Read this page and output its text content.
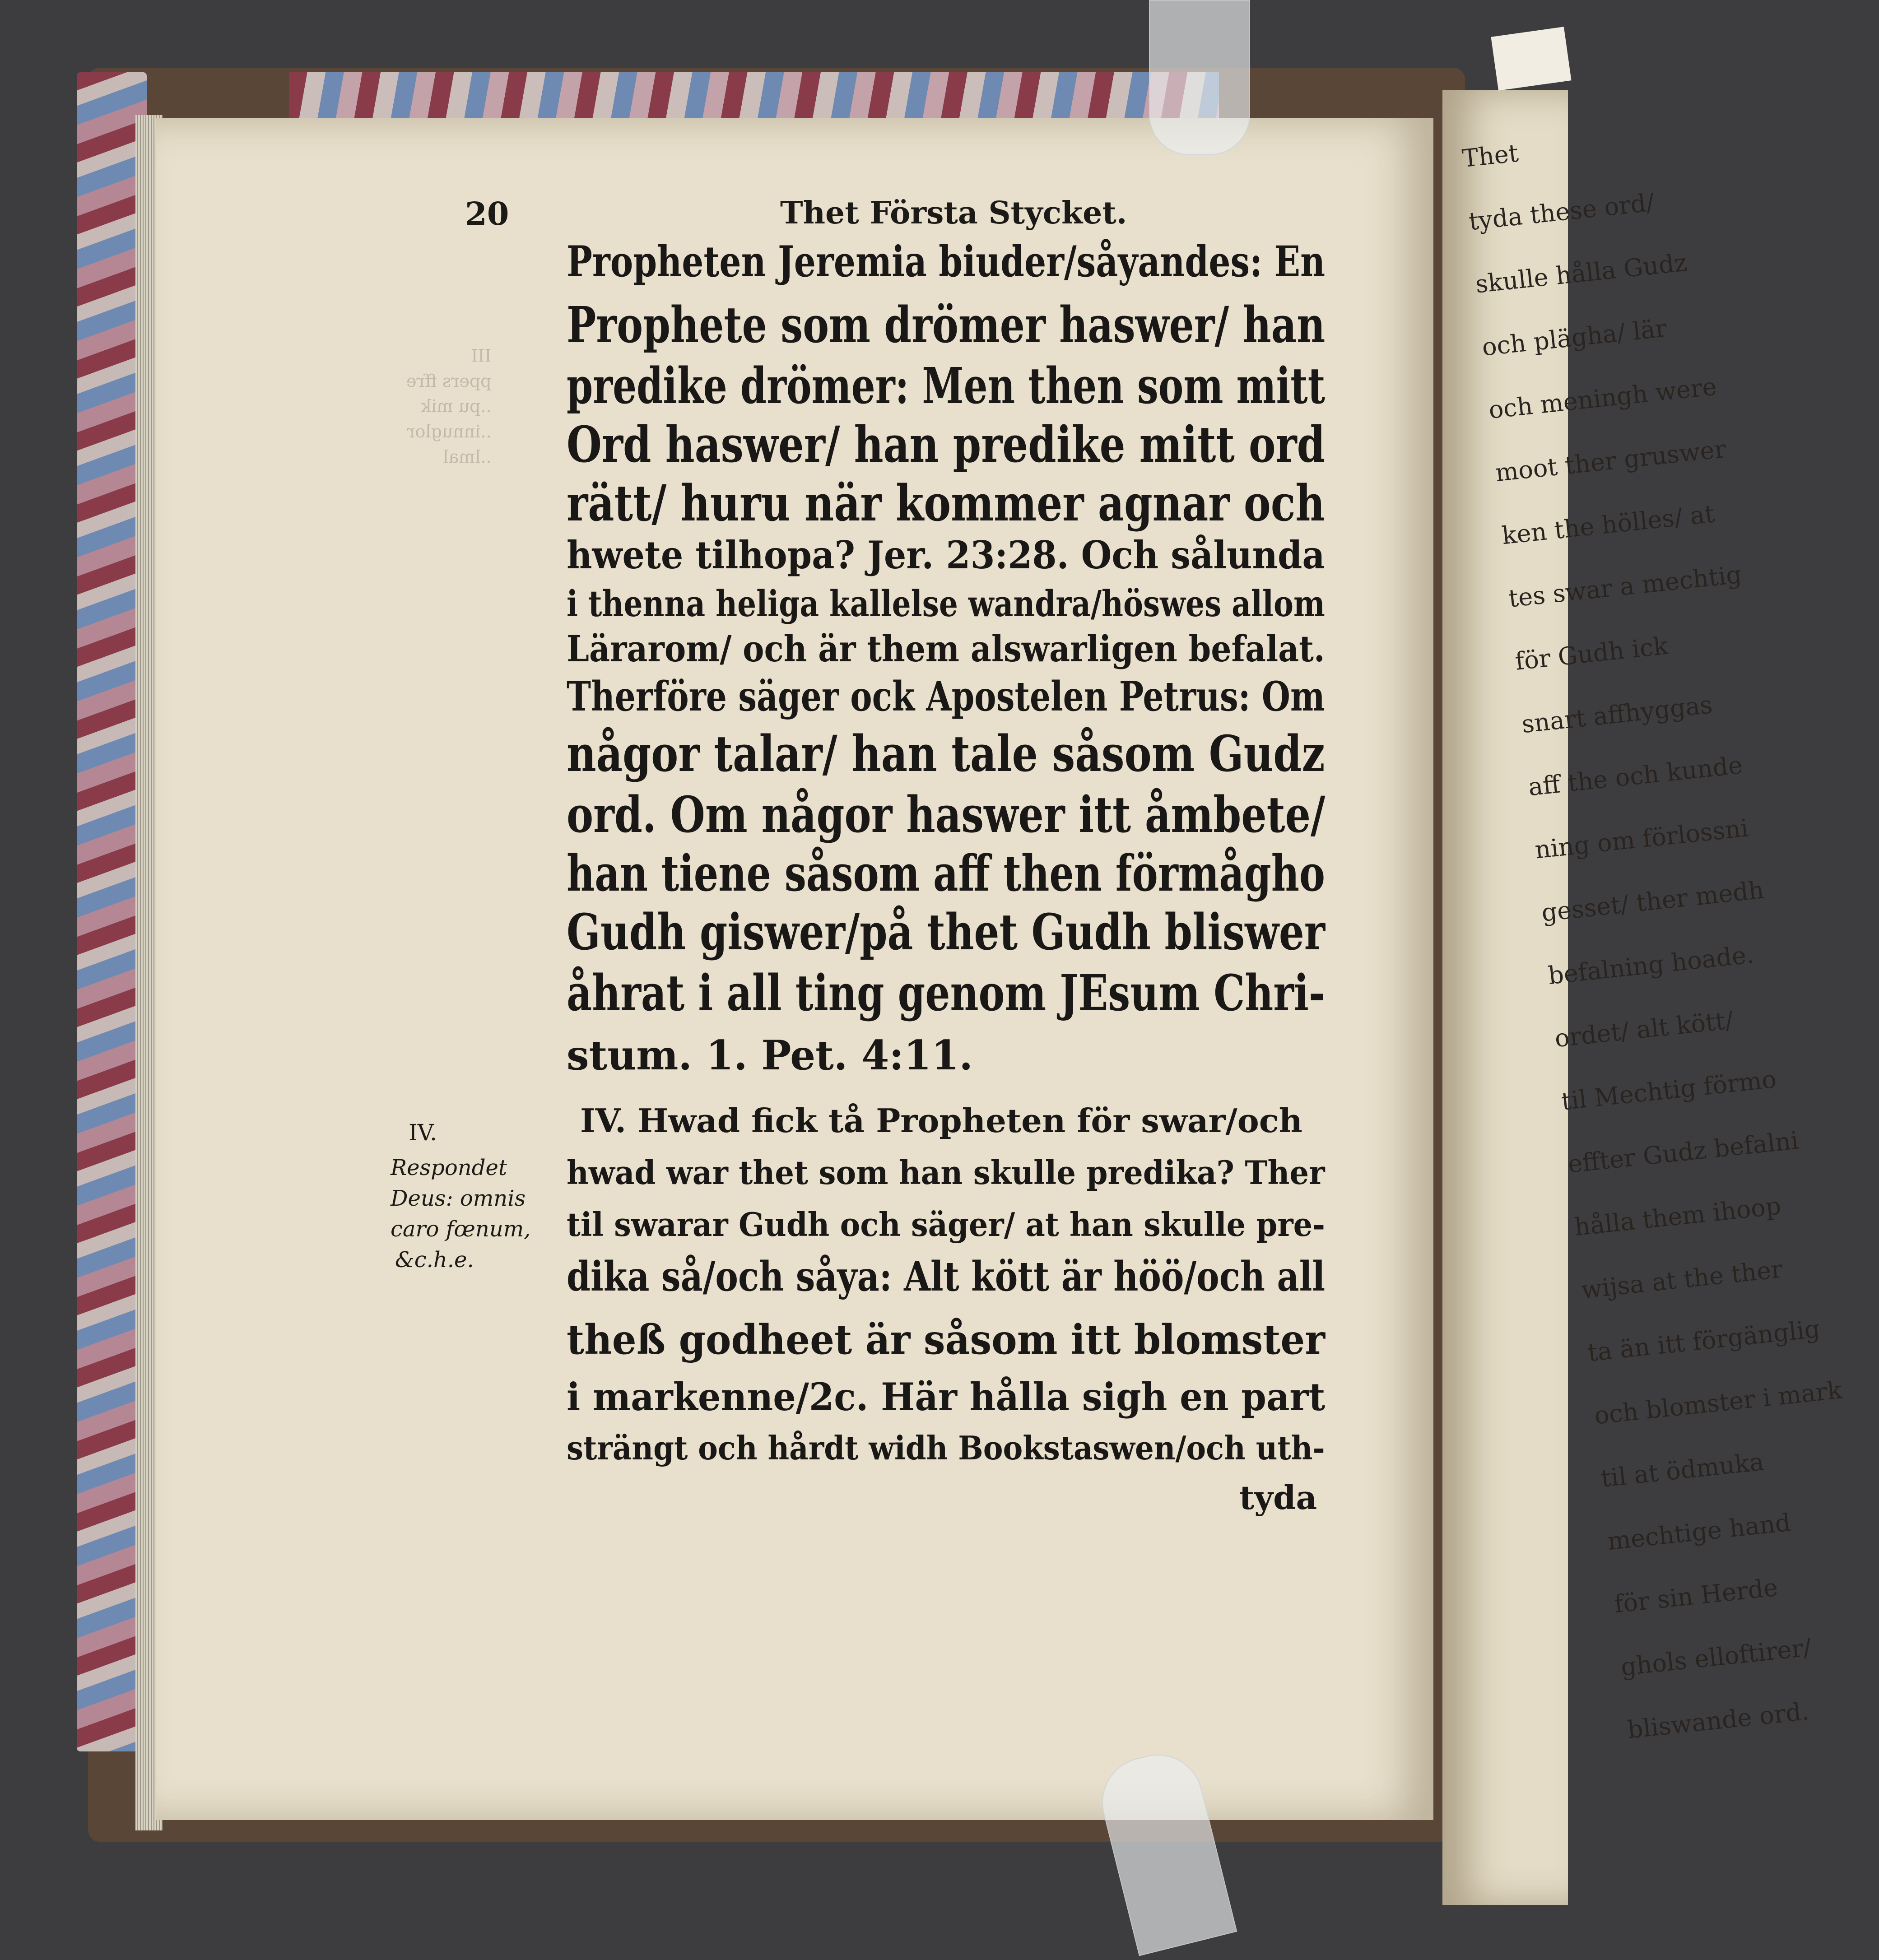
III
ppers ffre
..pu mik
..innuglor
..lmal

Thet
tyda these ord/
skulle hålla Gudz
och plägha/ lär
och meningh were
moot ther gruswer
ken the hölles/ at
tes swar a mechtig
för Gudh ick
snart affhyggas
aff the och kunde
ning om förlossni
gesset/ ther medh
befalning hoade.
ordet/ alt kött/
til Mechtig förmo
effter Gudz befalni
hålla them ihoop
wijsa at the ther
ta än itt förgänglig
och blomster i mark
til at ödmuka
mechtige hand
för sin Herde
ghols elloftirer/
bliswande ord.
20	Thet Första Stycket.
Propheten Jeremia biuder/såyandes: En
Prophete som drömer haswer/ han
predike drömer: Men then som mitt
Ord haswer/ han predike mitt ord
rätt/ huru när kommer agnar och
hwete tilhopa? Jer. 23:28. Och sålunda
i thenna heliga kallelse wandra/höswes allom
Lärarom/ och är them alswarligen befalat.
Therföre säger ock Apostelen Petrus: Om
någor talar/ han tale såsom Gudz
ord. Om någor haswer itt åmbete/
han tiene såsom aff then förmågho
Gudh giswer/på thet Gudh bliswer
åhrat i all ting genom JEsum Chri-
stum. 1. Pet. 4:11.
IV. Hwad fick tå Propheten för swar/och
hwad war thet som han skulle predika? Ther
til swarar Gudh och säger/ at han skulle pre-
dika så/och såya: Alt kött är höö/och all
theß godheet är såsom itt blomster
i markenne/2c. Här hålla sigh en part
strängt och hårdt widh Bookstaswen/och uth-
tyda
IV.
Respondet
Deus: omnis
caro fœnum,
&c.h.e.
